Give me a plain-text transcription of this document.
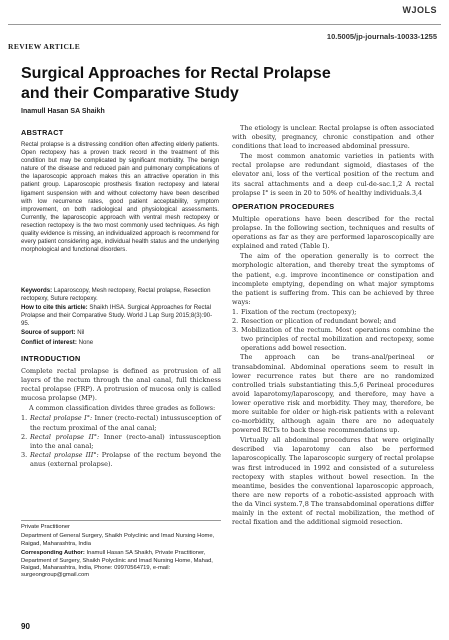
WJOLS
10.5005/jp-journals-10033-1255
REVIEW ARTICLE
Surgical Approaches for Rectal Prolapse and their Comparative Study
Inamull Hasan SA Shaikh
ABSTRACT

Rectal prolapse is a distressing condition often affecting elderly patients. Open rectopexy has a proven track record in the treatment of this condition but may be complicated by significant morbidity. The benign nature of the disease and reduced pain and pulmonary complications of the laparoscopic approach makes this an attractive operation in this patient group. Laparoscopic prosthesis fixation rectopexy and lateral ligament suspension with and without colectomy have been described with low recurrence rates, good patient acceptability, symptom improvement, on both radiological and physiological assessments. Currently, the laparoscopic approach with ventral mesh rectopexy or resection rectopexy is the two most commonly used techniques. As high quality evidence is missing, an individualized approach is recommend for every patient considering age, individual health status and the underlying morphological and functional disorders.

Keywords: Laparoscopy, Mesh rectopexy, Rectal prolapse, Resection rectopexy, Suture rectopexy.
How to cite this article: Shaikh IHSA. Surgical Approaches for Rectal Prolapse and their Comparative Study. World J Lap Surg 2015;8(3):90-95.
Source of support: Nil
Conflict of interest: None
INTRODUCTION

Complete rectal prolapse is defined as protrusion of all layers of the rectum through the anal canal, full thickness rectal prolapse (FRP). A protrusion of mucosa only is called mucosa prolapse (MP).

A common classification divides three grades as follows:

1. Rectal prolapse I°: Inner (recto-rectal) intussusception of the rectum proximal of the anal canal;
2. Rectal prolapse II°: Inner (recto-anal) intussusception into the anal canal;
3. Rectal prolapse III°: Prolapse of the rectum beyond the anus (external prolapse).

Private Practitioner

Department of General Surgery, Shaikh Polyclinic and Imad Nursing Home, Raigad, Maharashtra, India

Corresponding Author: Inamull Hasan SA Shaikh, Private Practitioner, Department of Surgery, Shaikh Polyclinic and Imad Nursing Home, Mahad, Raigad, Maharashtra, India, Phone: 09970564719, e-mail: surgeongroup@gmail.com

90

The etiology is unclear. Rectal prolapse is often associated with obesity, pregnancy, chronic constipation and other conditions that lead to increased abdominal pressure.

The most common anatomic varieties in patients with rectal prolapse are redundant sigmoid, diastases of the elevator ani, loss of the vertical position of the rectum and its sacral attachments and a deep cul-de-sac.1,2 A rectal prolapse I° is seen in 20 to 50% of healthy individuals.3,4

OPERATION PROCEDURES

Multiple operations have been described for the rectal prolapse. In the following section, techniques and results of operations as far as they are performed laparoscopically are explained and rated (Table I).

The aim of the operation generally is to correct the morphologic alteration, and thereby treat the symptoms of the patient, e.g. improve incontinence or constipation and incomplete emptying, depending on what major symptoms the patient is suffering from. This can be achieved by three ways:

1. Fixation of the rectum (rectopexy);
2. Resection or plication of redundant bowel; and
3. Mobilization of the rectum. Most operations combine the two principles of rectal mobilization and rectopexy, some operations add bowel resection.

The approach can be trans-anal/perineal or transabdominal. Abdominal operations seem to result in lower recurrence rates but there are no randomized controlled trials substantiating this.5,6 Perineal procedures avoid laparotomy/laparoscopy, and therefore, may have a lower operative risk and morbidity. They may, therefore, be more suitable for older or high-risk patients with a relevant co-morbidity, although again there are no adequately powered RCTs to back these recommendations up.

Virtually all abdominal procedures that were originally described via laparotomy can also be performed laparoscopically. The laparoscopic surgery of rectal prolapse was first introduced in 1992 and consisted of a sutureless rectopexy with staples without bowel resection. In the meantime, besides the conventional laparoscopic approach, there are new reports of a robotic-assisted approach with the da Vinci system.7,8 The transabdominal operations differ mainly in the extent of rectal mobilization, the method of rectal fixation and the additional sigmoid resection.
